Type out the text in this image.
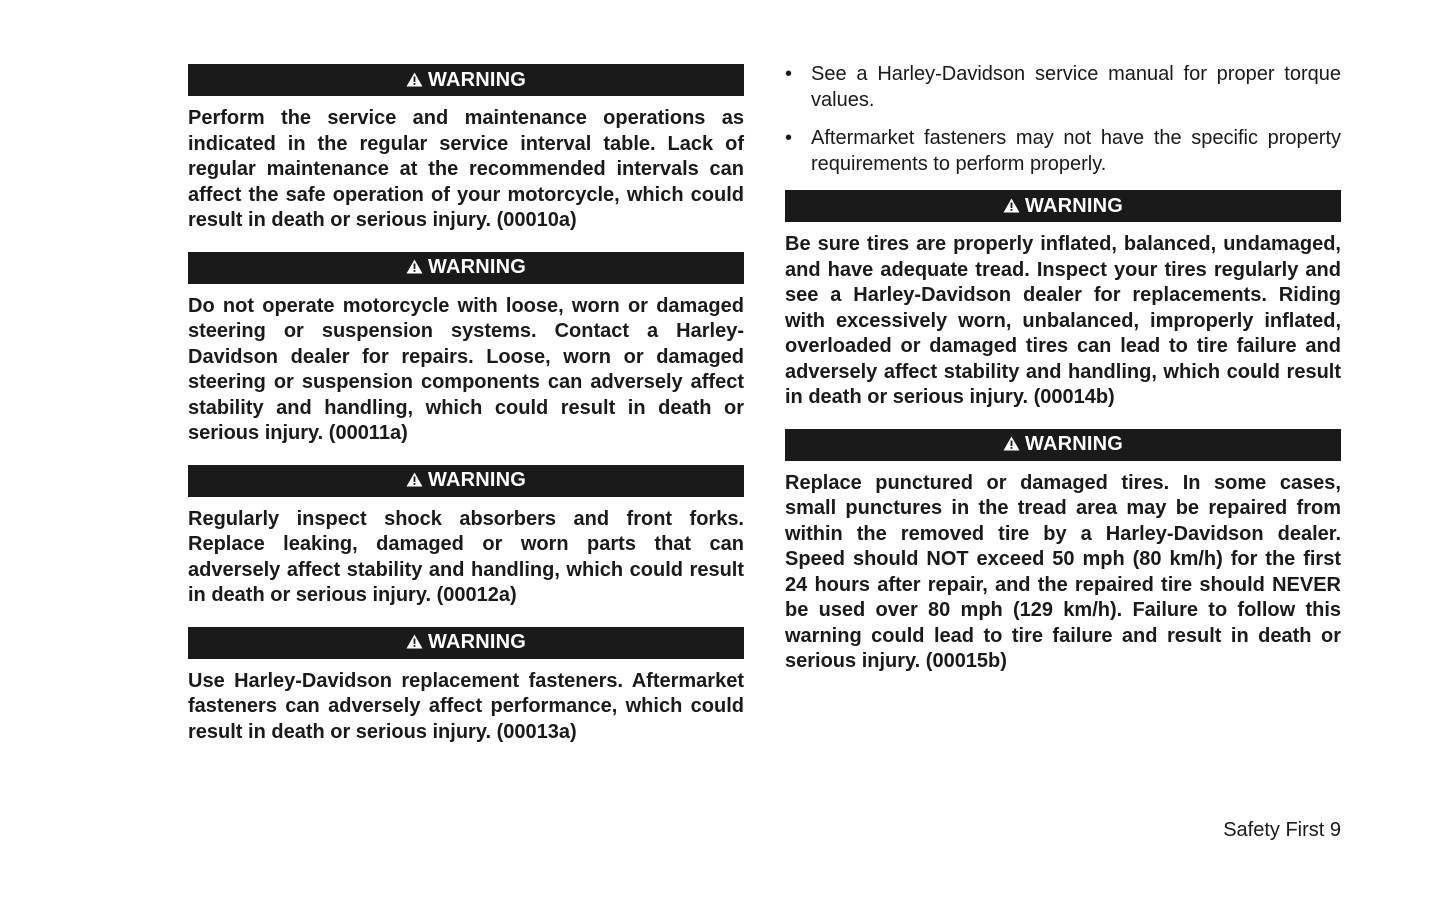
WARNING

Perform the service and maintenance operations as indicated in the regular service interval table. Lack of regular maintenance at the recommended intervals can affect the safe operation of your motorcycle, which could result in death or serious injury. (00010a)

WARNING

Do not operate motorcycle with loose, worn or damaged steering or suspension systems. Contact a Harley-Davidson dealer for repairs. Loose, worn or damaged steering or suspension components can adversely affect stability and handling, which could result in death or serious injury. (00011a)

WARNING

Regularly inspect shock absorbers and front forks. Replace leaking, damaged or worn parts that can adversely affect stability and handling, which could result in death or serious injury. (00012a)

WARNING

Use Harley-Davidson replacement fasteners. Aftermarket fasteners can adversely affect performance, which could result in death or serious injury. (00013a)

• See a Harley-Davidson service manual for proper torque values.
• Aftermarket fasteners may not have the specific property requirements to perform properly.
WARNING

Be sure tires are properly inflated, balanced, undamaged, and have adequate tread. Inspect your tires regularly and see a Harley-Davidson dealer for replacements. Riding with excessively worn, unbalanced, improperly inflated, overloaded or damaged tires can lead to tire failure and adversely affect stability and handling, which could result in death or serious injury. (00014b)

WARNING

Replace punctured or damaged tires. In some cases, small punctures in the tread area may be repaired from within the removed tire by a Harley-Davidson dealer. Speed should NOT exceed 50 mph (80 km/h) for the first 24 hours after repair, and the repaired tire should NEVER be used over 80 mph (129 km/h). Failure to follow this warning could lead to tire failure and result in death or serious injury. (00015b)

Safety First 9
